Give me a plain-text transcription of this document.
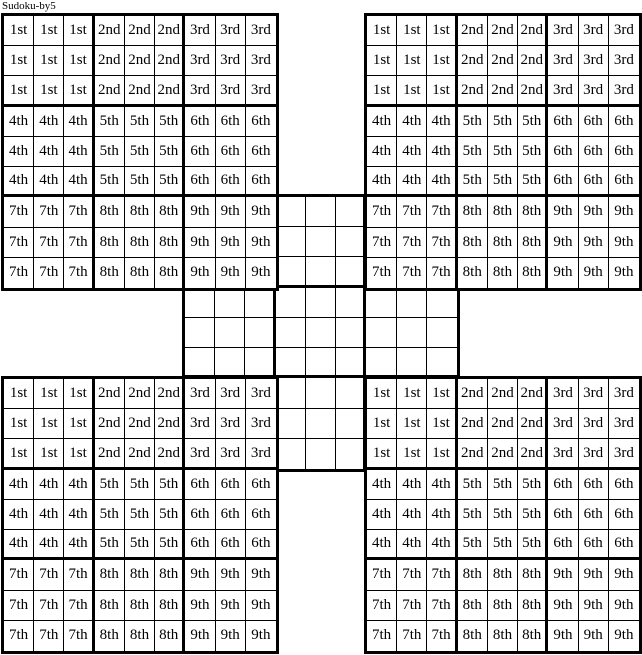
Sudoku-by5
1st 1st 1st 2nd 2nd 2nd 3rd 3rd 3rd
1st 1st 1st 2nd 2nd 2nd 3rd 3rd 3rd
1st 1st 1st 2nd 2nd 2nd 3rd 3rd 3rd
4th 4th 4th 5th 5th 5th 6th 6th 6th
4th 4th 4th 5th 5th 5th 6th 6th 6th
4th 4th 4th 5th 5th 5th 6th 6th 6th
7th 7th 7th 8th 8th 8th 9th 9th 9th
7th 7th 7th 8th 8th 8th 9th 9th 9th
7th 7th 7th 8th 8th 8th 9th 9th 9th
1st 1st 1st 2nd 2nd 2nd 3rd 3rd 3rd
1st 1st 1st 2nd 2nd 2nd 3rd 3rd 3rd
1st 1st 1st 2nd 2nd 2nd 3rd 3rd 3rd
4th 4th 4th 5th 5th 5th 6th 6th 6th
4th 4th 4th 5th 5th 5th 6th 6th 6th
4th 4th 4th 5th 5th 5th 6th 6th 6th
7th 7th 7th 8th 8th 8th 9th 9th 9th
7th 7th 7th 8th 8th 8th 9th 9th 9th
7th 7th 7th 8th 8th 8th 9th 9th 9th
1st 1st 1st 2nd 2nd 2nd 3rd 3rd 3rd
1st 1st 1st 2nd 2nd 2nd 3rd 3rd 3rd
1st 1st 1st 2nd 2nd 2nd 3rd 3rd 3rd
4th 4th 4th 5th 5th 5th 6th 6th 6th
4th 4th 4th 5th 5th 5th 6th 6th 6th
4th 4th 4th 5th 5th 5th 6th 6th 6th
7th 7th 7th 8th 8th 8th 9th 9th 9th
7th 7th 7th 8th 8th 8th 9th 9th 9th
7th 7th 7th 8th 8th 8th 9th 9th 9th
1st 1st 1st 2nd 2nd 2nd 3rd 3rd 3rd
1st 1st 1st 2nd 2nd 2nd 3rd 3rd 3rd
1st 1st 1st 2nd 2nd 2nd 3rd 3rd 3rd
4th 4th 4th 5th 5th 5th 6th 6th 6th
4th 4th 4th 5th 5th 5th 6th 6th 6th
4th 4th 4th 5th 5th 5th 6th 6th 6th
7th 7th 7th 8th 8th 8th 9th 9th 9th
7th 7th 7th 8th 8th 8th 9th 9th 9th
7th 7th 7th 8th 8th 8th 9th 9th 9th
